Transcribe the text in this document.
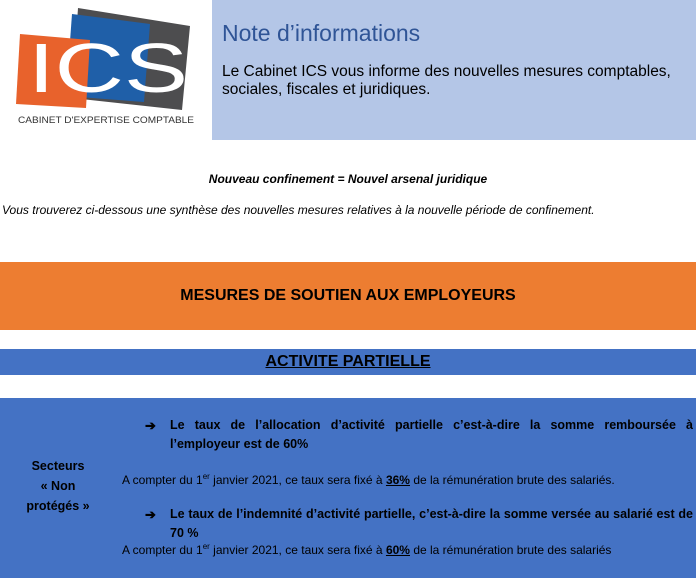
ICS
CABINET D'EXPERTISE COMPTABLE
Note d’informations
Le Cabinet ICS vous informe des nouvelles mesures comptables, sociales, fiscales et juridiques.
Nouveau confinement = Nouvel arsenal juridique
Vous trouverez ci-dessous une synthèse des nouvelles mesures relatives à la nouvelle période de confinement.
MESURES DE SOUTIEN AUX EMPLOYEURS
ACTIVITE PARTIELLE
Secteurs
« Non
protégés »
➔ Le taux de l’allocation d’activité partielle c’est-à-dire la somme remboursée à l’employeur est de 60%
A compter du 1er janvier 2021, ce taux sera fixé à 36% de la rémunération brute des salariés.
➔ Le taux de l’indemnité d’activité partielle, c’est-à-dire la somme versée au salarié est de 70 %
A compter du 1er janvier 2021, ce taux sera fixé à 60% de la rémunération brute des salariés
